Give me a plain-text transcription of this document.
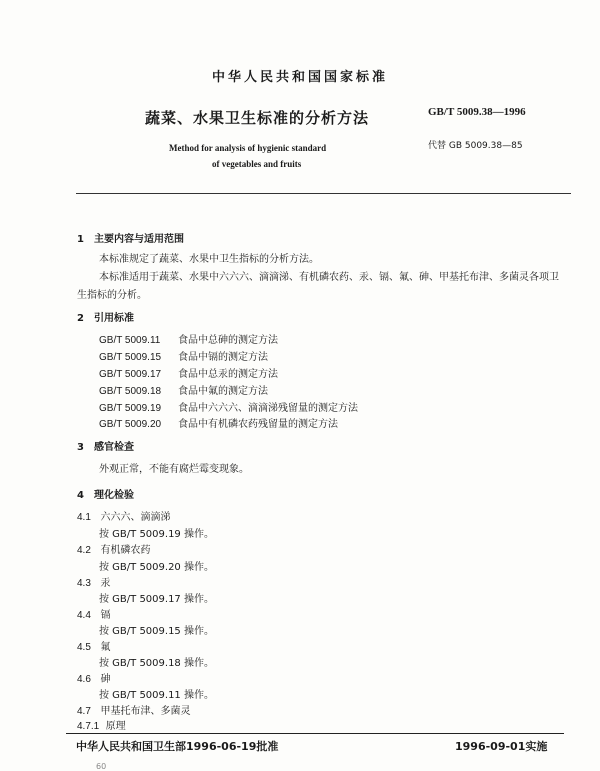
中华人民共和国国家标准
蔬菜、水果卫生标准的分析方法	GB/T 5009.38—1996
代替 GB 5009.38—85
Method for analysis of hygienic standard
of vegetables and fruits
1　主要内容与适用范围
本标准规定了蔬菜、水果中卫生指标的分析方法。
本标准适用于蔬菜、水果中六六六、滴滴涕、有机磷农药、汞、镉、氟、砷、甲基托布津、多菌灵各项卫
生指标的分析。
2　引用标准
GB/T 5009.11 食品中总砷的测定方法
GB/T 5009.15 食品中镉的测定方法
GB/T 5009.17 食品中总汞的测定方法
GB/T 5009.18 食品中氟的测定方法
GB/T 5009.19 食品中六六六、滴滴涕残留量的测定方法
GB/T 5009.20 食品中有机磷农药残留量的测定方法
3　感官检查
外观正常，不能有腐烂霉变现象。
4　理化检验
4.1 六六六、滴滴涕
按 GB/T 5009.19 操作。
4.2 有机磷农药
按 GB/T 5009.20 操作。
4.3 汞
按 GB/T 5009.17 操作。
4.4 镉
按 GB/T 5009.15 操作。
4.5 氟
按 GB/T 5009.18 操作。
4.6 砷
按 GB/T 5009.11 操作。
4.7 甲基托布津、多菌灵
4.7.1 原理
中华人民共和国卫生部1996-06-19批准	1996-09-01实施
60
